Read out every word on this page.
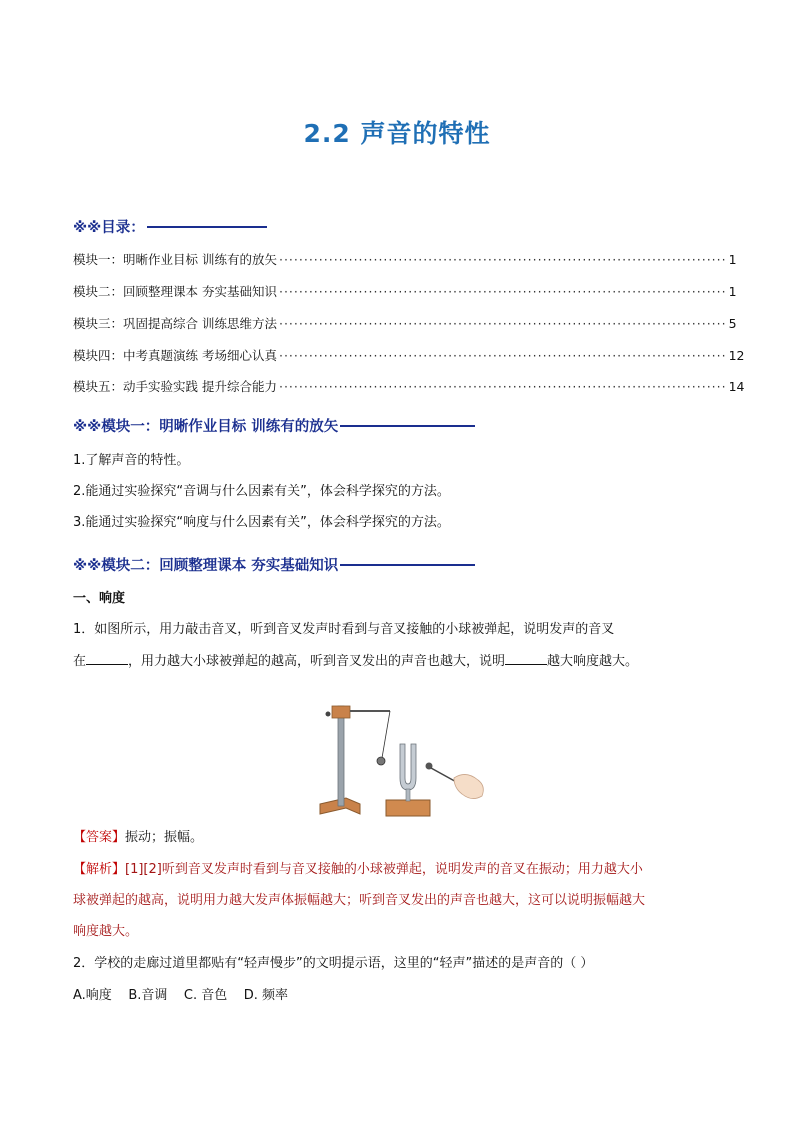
2.2 声音的特性
※※目录：
模块一：明晰作业目标 训练有的放矢 ·························································································· 1
模块二：回顾整理课本 夯实基础知识 ·························································································· 1
模块三：巩固提高综合 训练思维方法 ·························································································· 5
模块四：中考真题演练 考场细心认真 ·························································································· 12
模块五：动手实验实践 提升综合能力 ·························································································· 14
※※模块一：明晰作业目标 训练有的放矢
1.了解声音的特性。
2.能通过实验探究“音调与什么因素有关”，体会科学探究的方法。
3.能通过实验探究“响度与什么因素有关”，体会科学探究的方法。
※※模块二：回顾整理课本 夯实基础知识
一、响度
1．如图所示，用力敲击音叉，听到音叉发声时看到与音叉接触的小球被弹起，说明发声的音叉
在	，用力越大小球被弹起的越高，听到音叉发出的声音也越大，说明	越大响度越大。
【答案】振动；振幅。
【解析】[1][2]听到音叉发声时看到与音叉接触的小球被弹起，说明发声的音叉在振动；用力越大小
球被弹起的越高，说明用力越大发声体振幅越大；听到音叉发出的声音也越大，这可以说明振幅越大
响度越大。
2．学校的走廊过道里都贴有“轻声慢步”的文明提示语，这里的“轻声”描述的是声音的（ ）
A.响度    B.音调    C. 音色    D. 频率
